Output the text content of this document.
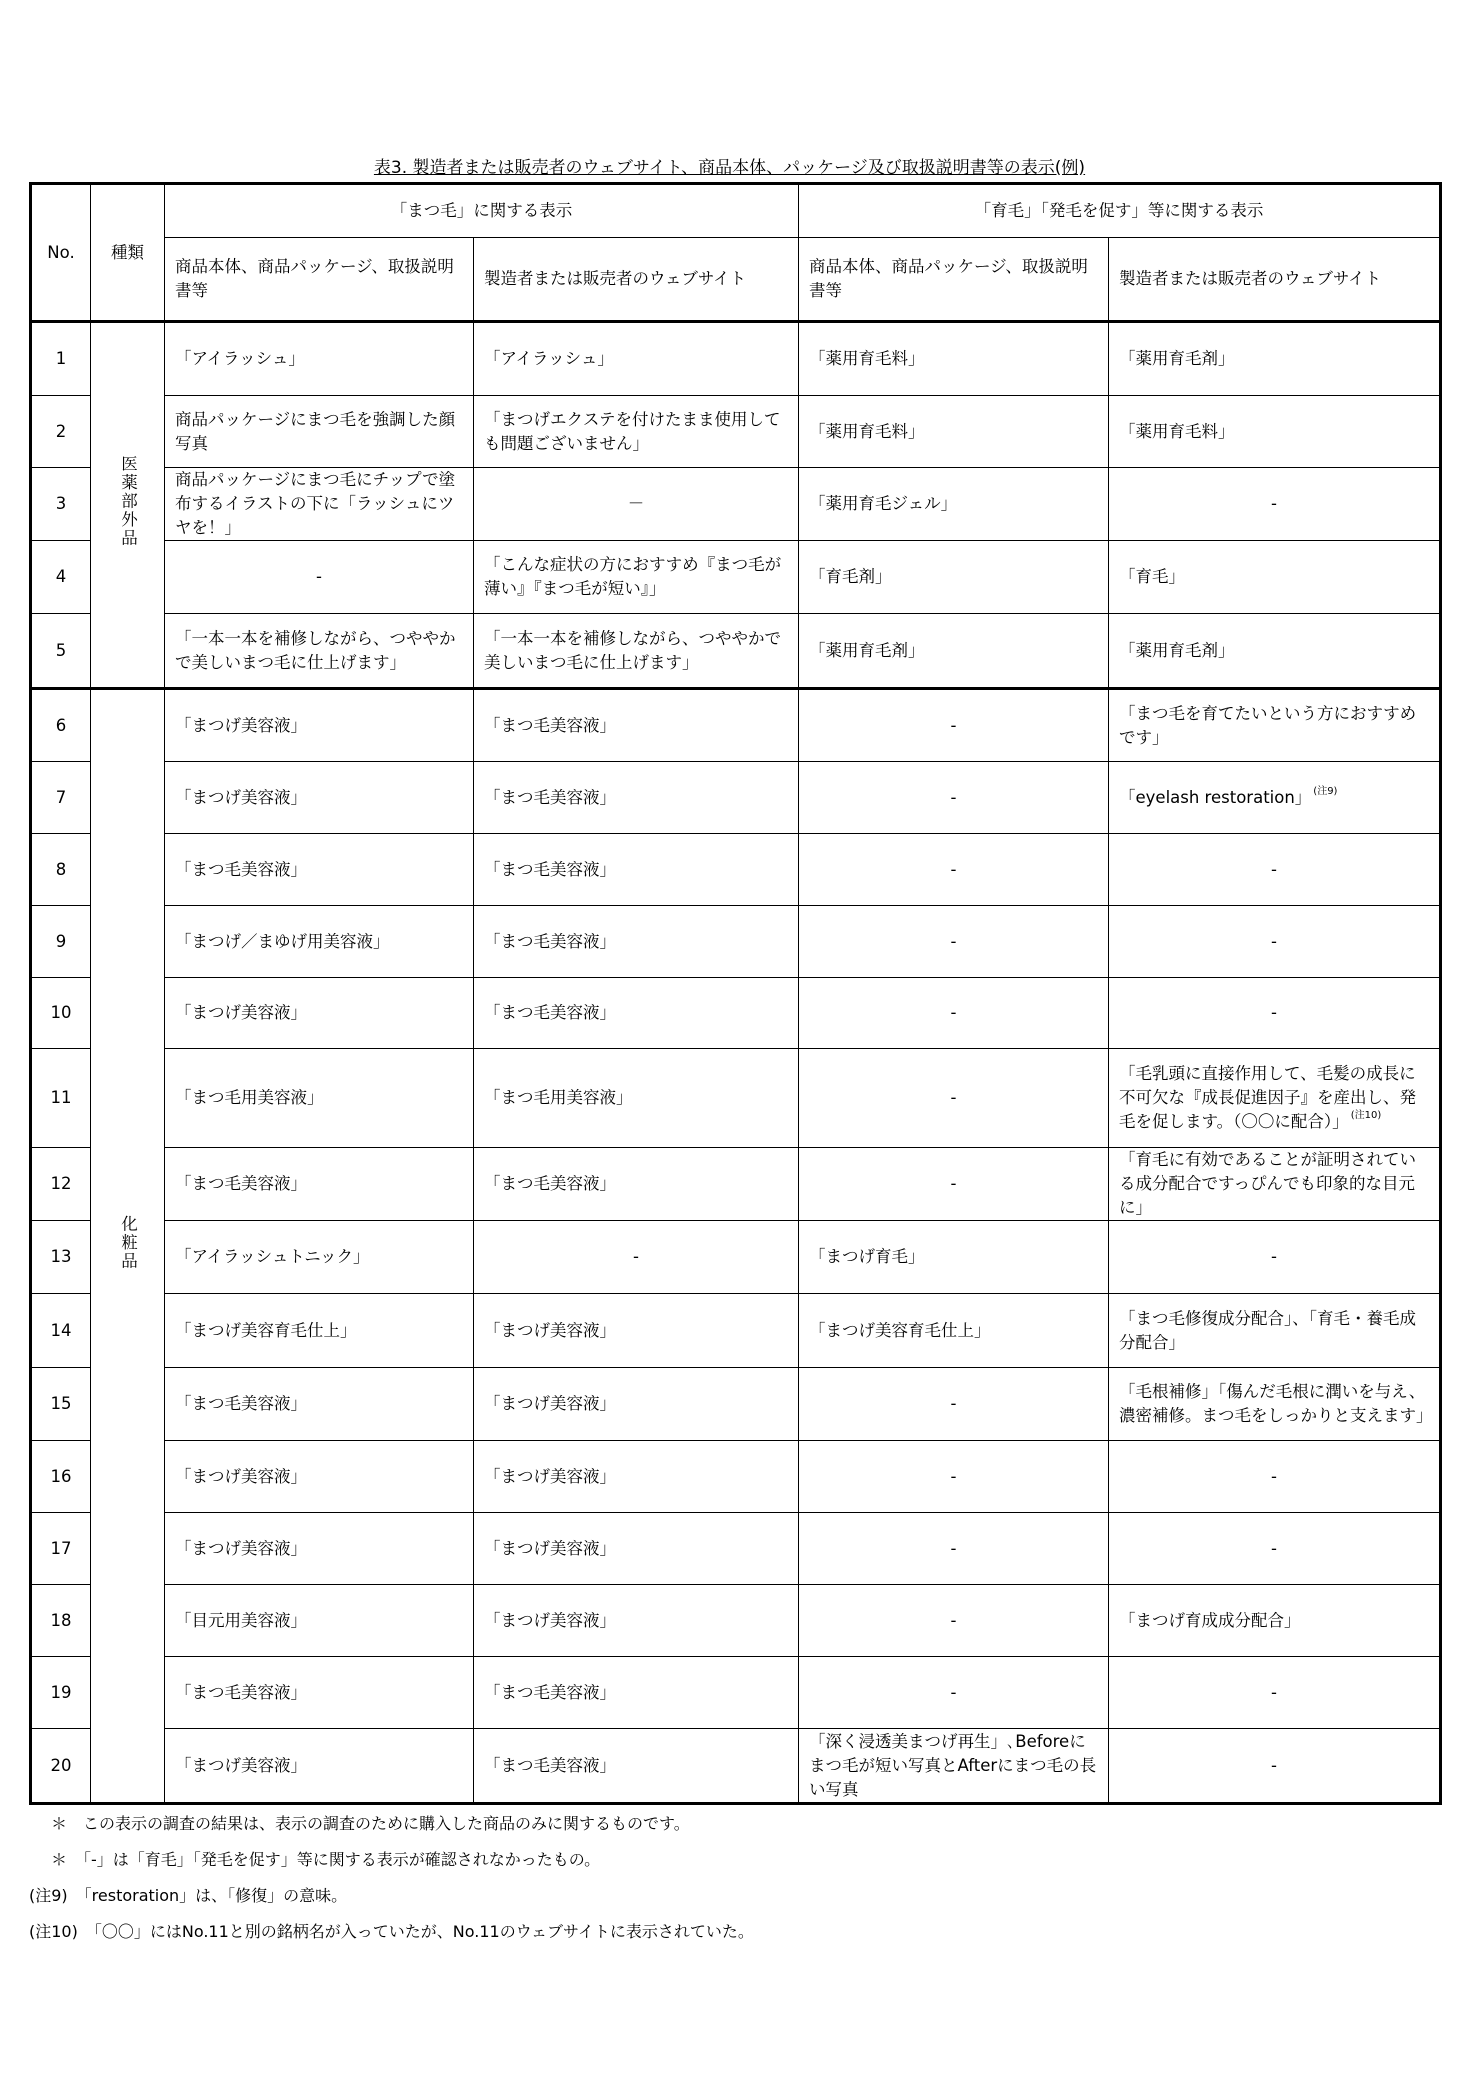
表3. 製造者または販売者のウェブサイト、商品本体、パッケージ及び取扱説明書等の表示(例)
No.	種類	「まつ毛」に関する表示		「育毛」「発毛を促す」等に関する表示	
		商品本体、商品パッケージ、取扱説明書等	製造者または販売者のウェブサイト	商品本体、商品パッケージ、取扱説明書等	製造者または販売者のウェブサイト
1	医薬部外品	「アイラッシュ」	「アイラッシュ」	「薬用育毛料」	「薬用育毛剤」
2		商品パッケージにまつ毛を強調した顔写真	「まつげエクステを付けたまま使用しても問題ございません」	「薬用育毛料」	「薬用育毛料」
3		商品パッケージにまつ毛にチップで塗布するイラストの下に「ラッシュにツヤを！」	－	「薬用育毛ジェル」	-
4		-	「こんな症状の方におすすめ『まつ毛が薄い』『まつ毛が短い』」	「育毛剤」	「育毛」
5		「一本一本を補修しながら、つややかで美しいまつ毛に仕上げます」	「一本一本を補修しながら、つややかで美しいまつ毛に仕上げます」	「薬用育毛剤」	「薬用育毛剤」
6	化粧品	「まつげ美容液」	「まつ毛美容液」	-	「まつ毛を育てたいという方におすすめです」
7		「まつげ美容液」	「まつ毛美容液」	-	「eyelash restoration」 $^{(注9)}$
8		「まつ毛美容液」	「まつ毛美容液」	-	-
9		「まつげ／まゆげ用美容液」	「まつ毛美容液」	-	-
10		「まつげ美容液」	「まつ毛美容液」	-	-
11		「まつ毛用美容液」	「まつ毛用美容液」	-	「毛乳頭に直接作用して、毛髪の成長に不可欠な『成長促進因子』を産出し、発毛を促します。（〇〇に配合）」 $^{(注10)}$
12		「まつ毛美容液」	「まつ毛美容液」	-	「育毛に有効であることが証明されている成分配合ですっぴんでも印象的な目元に」
13		「アイラッシュトニック」	-	「まつげ育毛」	-
14		「まつげ美容育毛仕上」	「まつげ美容液」	「まつげ美容育毛仕上」	「まつ毛修復成分配合」、「育毛・養毛成分配合」
15		「まつ毛美容液」	「まつげ美容液」	-	「毛根補修」「傷んだ毛根に潤いを与え、濃密補修。まつ毛をしっかりと支えます」
16		「まつげ美容液」	「まつげ美容液」	-	-
17		「まつげ美容液」	「まつげ美容液」	-	-
18		「目元用美容液」	「まつげ美容液」	-	「まつげ育成成分配合」
19		「まつ毛美容液」	「まつ毛美容液」	-	-
20		「まつげ美容液」	「まつ毛美容液」	「深く浸透美まつげ再生」､Beforeにまつ毛が短い写真とAfterにまつ毛の長い写真	-
＊　この表示の調査の結果は、表示の調査のために購入した商品のみに関するものです。
＊　「-」は「育毛」「発毛を促す」等に関する表示が確認されなかったもの。
(注9)　「restoration」は、「修復」の意味。
(注10)　「〇〇」にはNo.11と別の銘柄名が入っていたが、No.11のウェブサイトに表示されていた。
